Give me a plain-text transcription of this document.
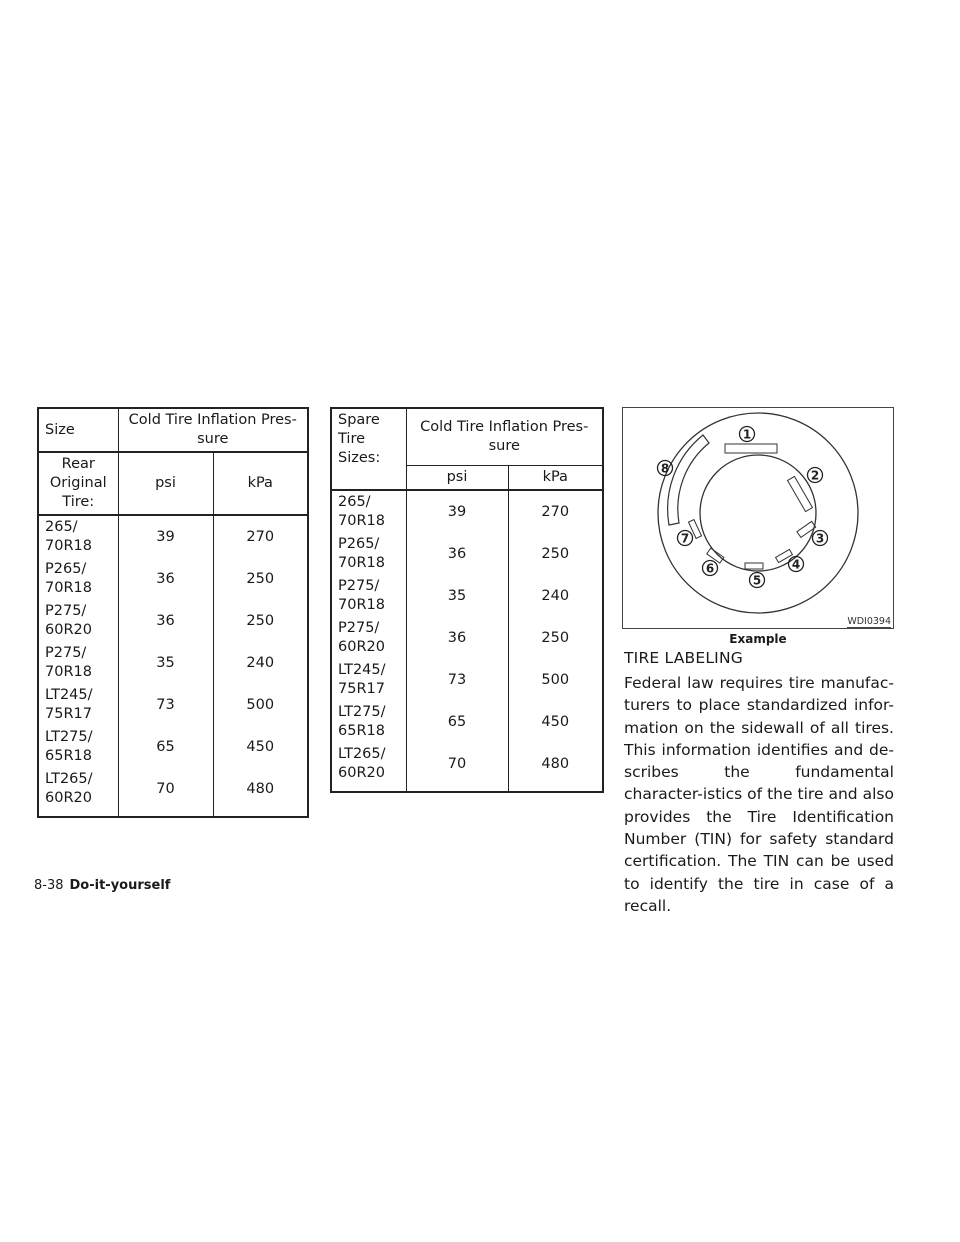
Size	Cold Tire Inflation Pres-
sure	
Rear
Original
Tire:	psi	kPa
265/
70R18	39	270
P265/
70R18	36	250
P275/
60R20	36	250
P275/
70R18	35	240
LT245/
75R17	73	500
LT275/
65R18	65	450
LT265/
60R20	70	480
Spare
Tire
Sizes:	Cold Tire Inflation Pres-
sure	
	psi	kPa
265/
70R18	39	270
P265/
70R18	36	250
P275/
70R18	35	240
P275/
60R20	36	250
LT245/
75R17	73	500
LT275/
65R18	65	450
LT265/
60R20	70	480
1
2
3
4
5
6
7
8
WDI0394
Example
TIRE LABELING
Federal law requires tire manufac-turers to place standardized infor-mation on the sidewall of all tires. This information identifies and de-scribes the fundamental character-istics of the tire and also provides the Tire Identification Number (TIN) for safety standard certification. The TIN can be used to identify the tire in case of a recall.
8-38 Do-it-yourself
